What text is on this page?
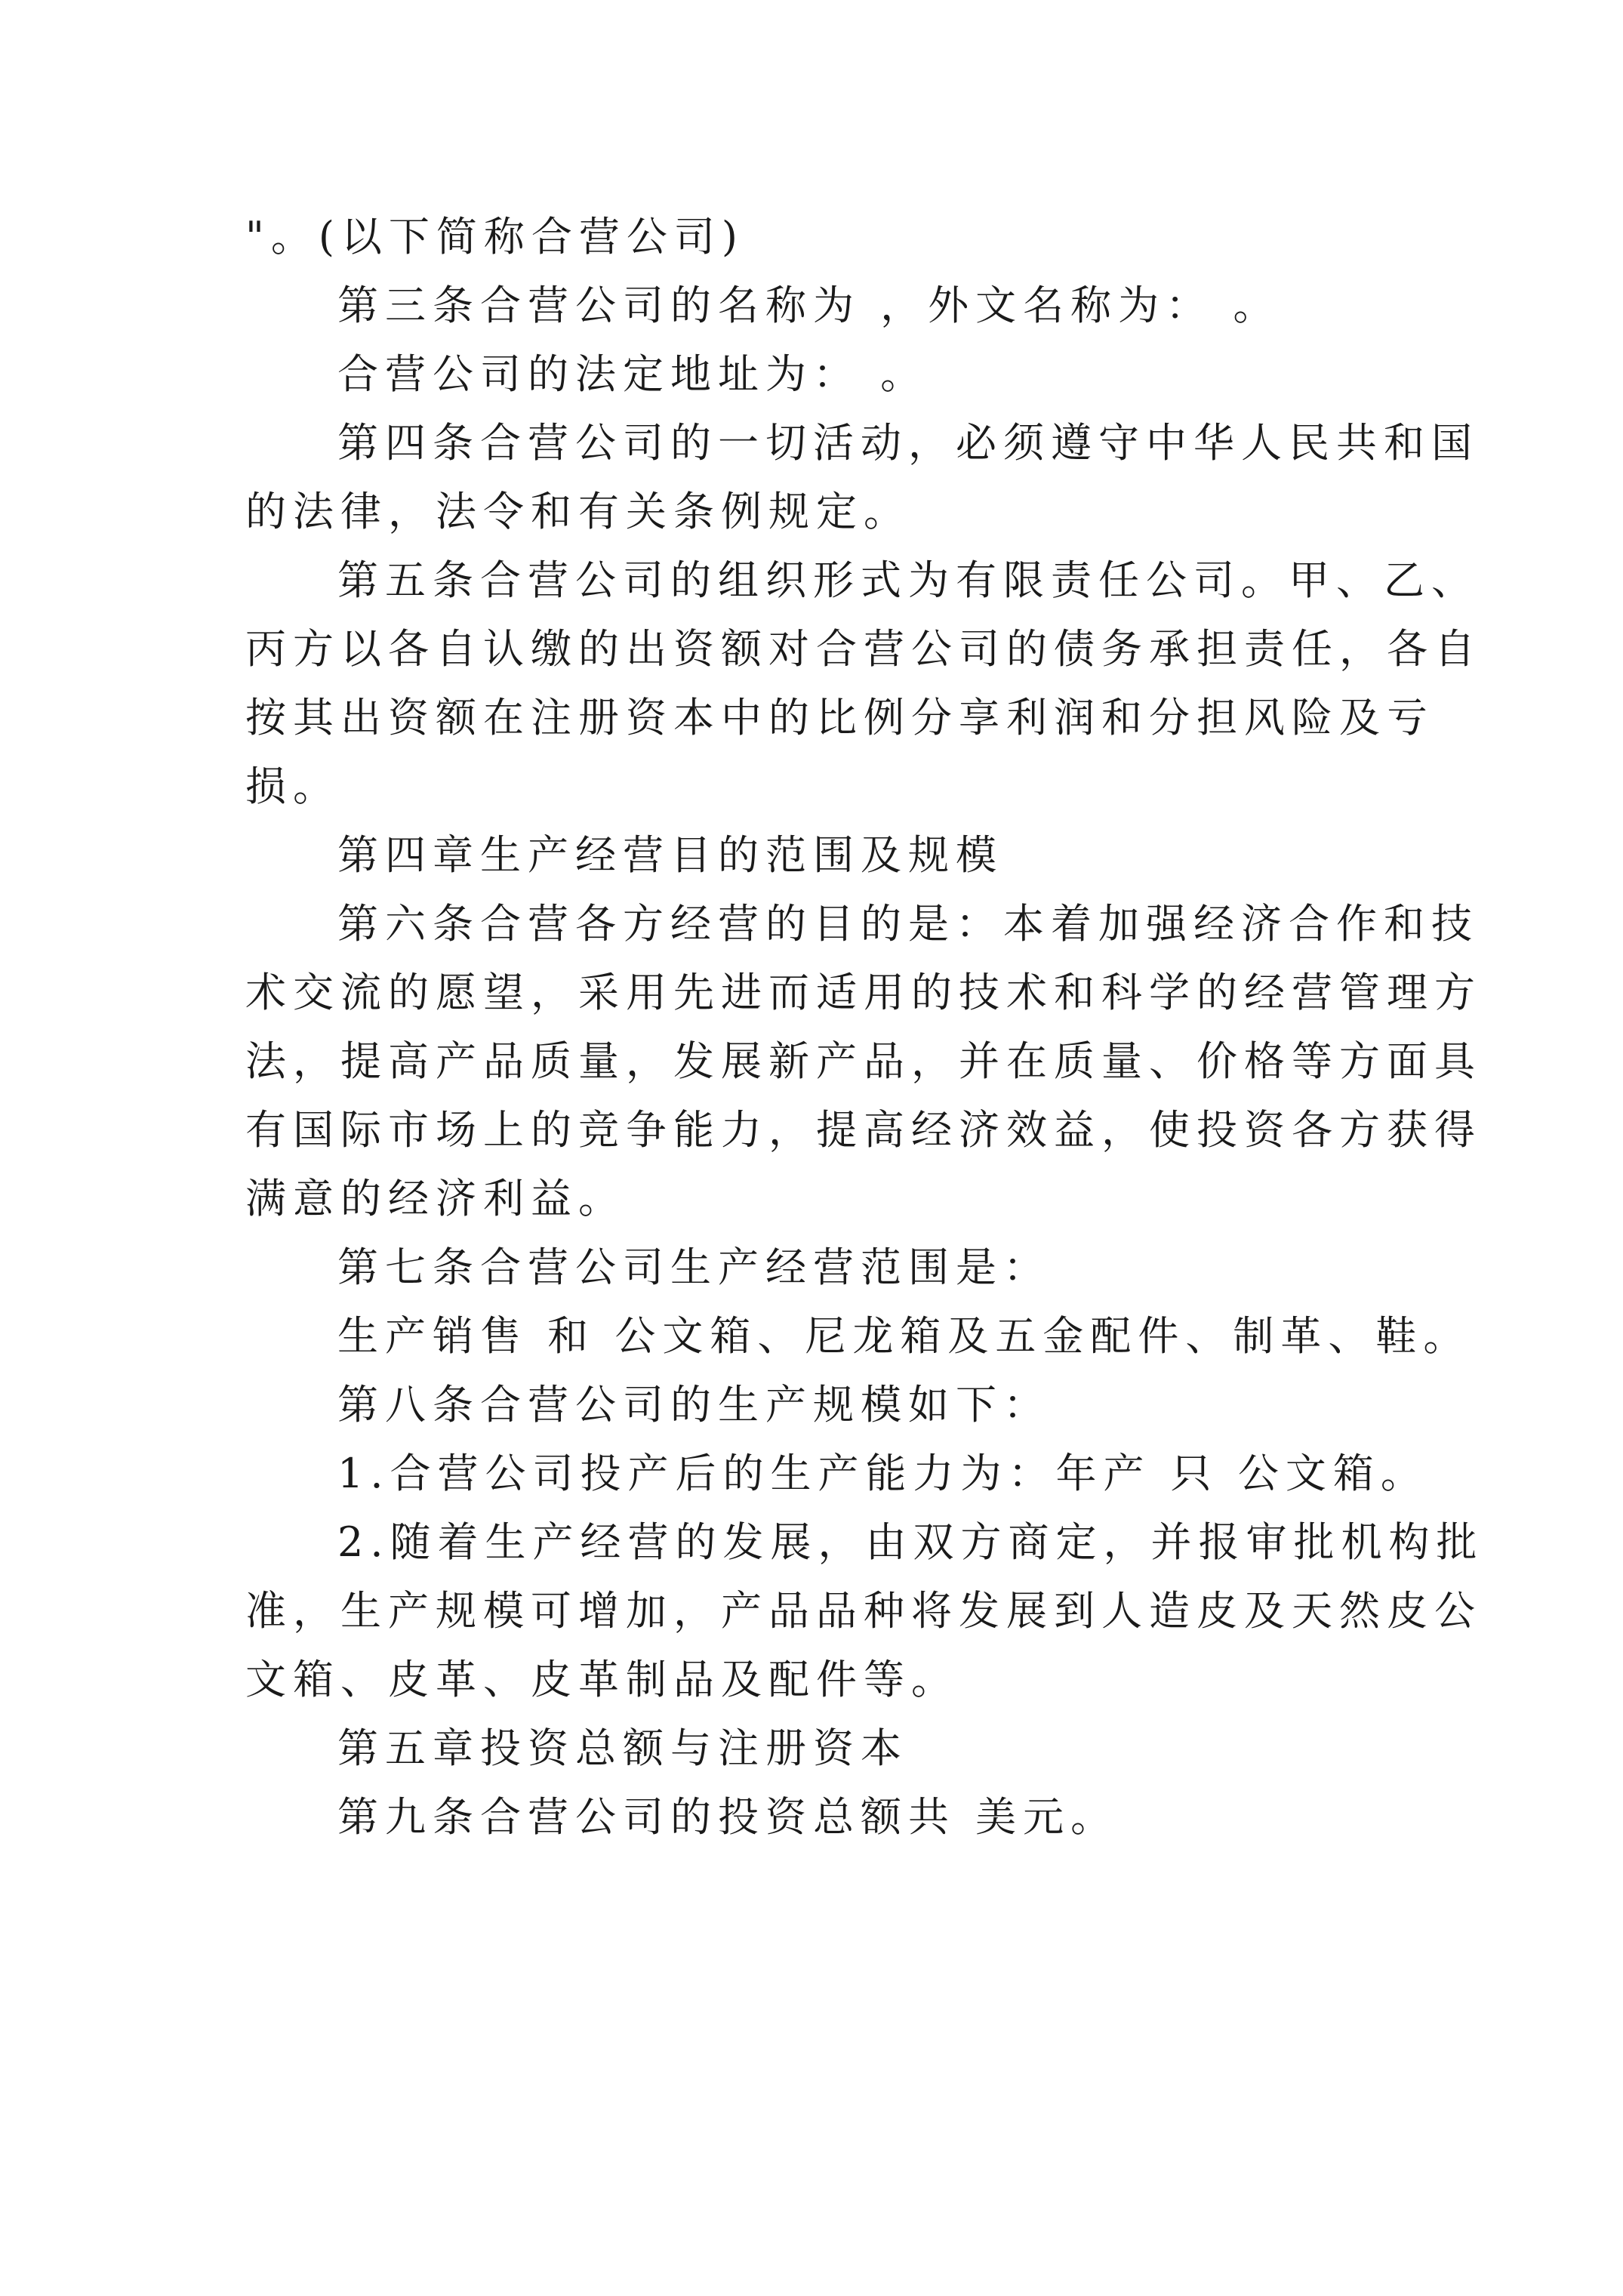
"。(以下简称合营公司)

第三条合营公司的名称为 ，外文名称为： 。

合营公司的法定地址为： 。

第四条合营公司的一切活动，必须遵守中华人民共和国
的法律，法令和有关条例规定。

第五条合营公司的组织形式为有限责任公司。甲、乙、
丙方以各自认缴的出资额对合营公司的债务承担责任，各自
按其出资额在注册资本中的比例分享利润和分担风险及亏
损。

第四章生产经营目的范围及规模

第六条合营各方经营的目的是：本着加强经济合作和技
术交流的愿望，采用先进而适用的技术和科学的经营管理方
法，提高产品质量，发展新产品，并在质量、价格等方面具
有国际市场上的竞争能力，提高经济效益，使投资各方获得
满意的经济利益。

第七条合营公司生产经营范围是：

生产销售 和 公文箱、尼龙箱及五金配件、制革、鞋。

第八条合营公司的生产规模如下：

1.合营公司投产后的生产能力为：年产 只 公文箱。

2.随着生产经营的发展，由双方商定，并报审批机构批
准，生产规模可增加，产品品种将发展到人造皮及天然皮公
文箱、皮革、皮革制品及配件等。

第五章投资总额与注册资本

第九条合营公司的投资总额共 美元。
